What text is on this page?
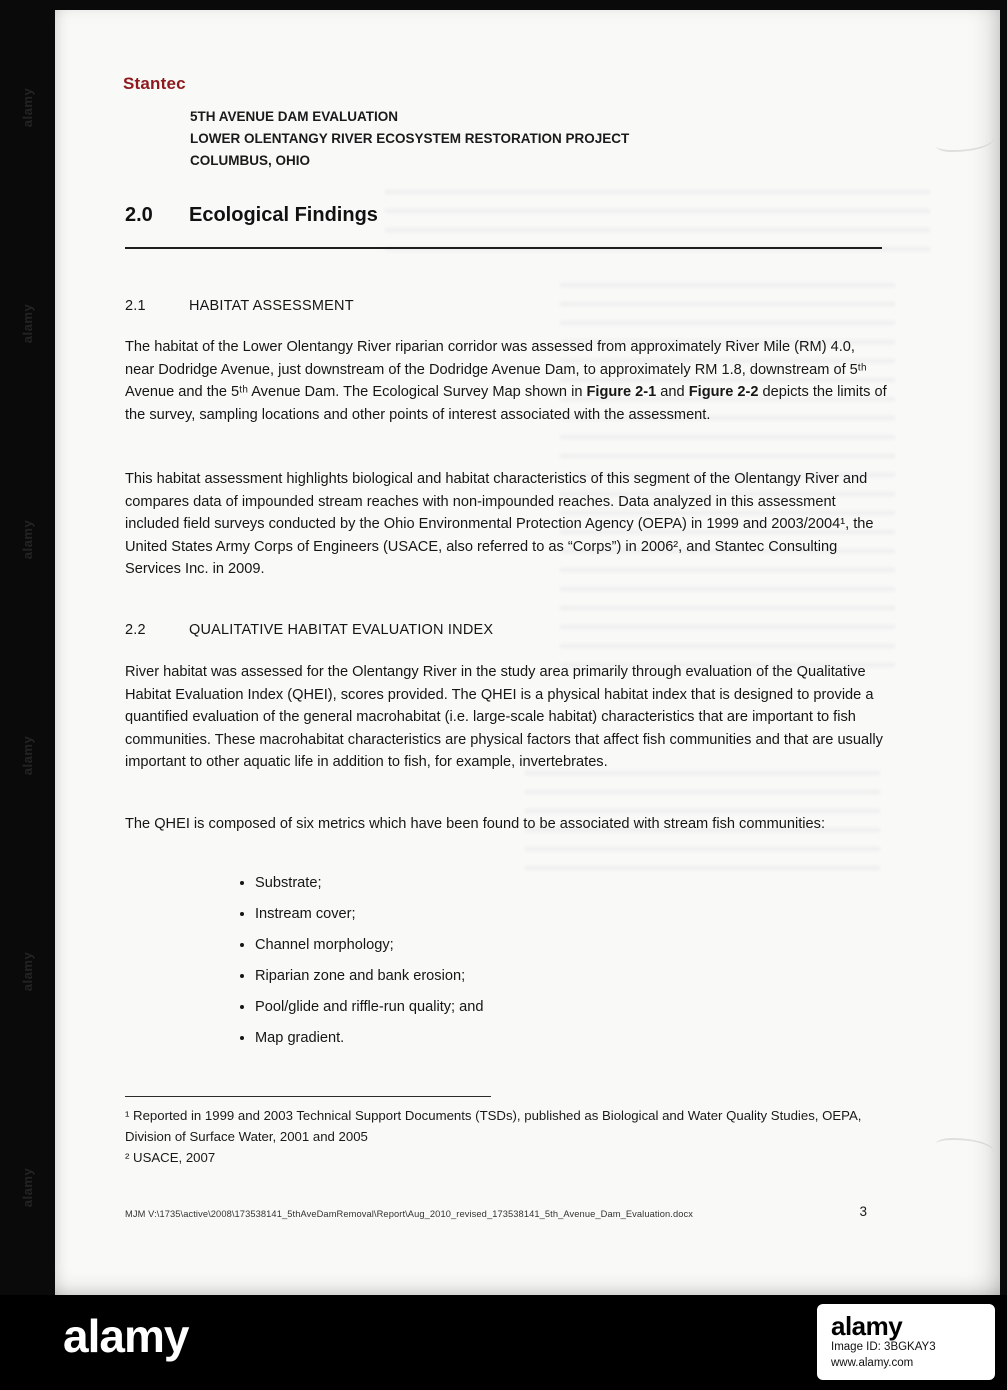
alamy
alamy
alamy
alamy
alamy
alamy
Stantec
5TH AVENUE DAM EVALUATION
LOWER OLENTANGY RIVER ECOSYSTEM RESTORATION PROJECT
COLUMBUS, OHIO
2.0 Ecological Findings
2.1	HABITAT ASSESSMENT
The habitat of the Lower Olentangy River riparian corridor was assessed from approximately River Mile (RM) 4.0, near Dodridge Avenue, just downstream of the Dodridge Avenue Dam, to approximately RM 1.8, downstream of 5ᵗʰ Avenue and the 5ᵗʰ Avenue Dam. The Ecological Survey Map shown in Figure 2-1 and Figure 2-2 depicts the limits of the survey, sampling locations and other points of interest associated with the assessment.
This habitat assessment highlights biological and habitat characteristics of this segment of the Olentangy River and compares data of impounded stream reaches with non-impounded reaches. Data analyzed in this assessment included field surveys conducted by the Ohio Environmental Protection Agency (OEPA) in 1999 and 2003/2004¹, the United States Army Corps of Engineers (USACE, also referred to as “Corps”) in 2006², and Stantec Consulting Services Inc. in 2009.
2.2	QUALITATIVE HABITAT EVALUATION INDEX
River habitat was assessed for the Olentangy River in the study area primarily through evaluation of the Qualitative Habitat Evaluation Index (QHEI), scores provided. The QHEI is a physical habitat index that is designed to provide a quantified evaluation of the general macrohabitat (i.e. large-scale habitat) characteristics that are important to fish communities. These macrohabitat characteristics are physical factors that affect fish communities and that are usually important to other aquatic life in addition to fish, for example, invertebrates.
The QHEI is composed of six metrics which have been found to be associated with stream fish communities:
• Substrate;
• Instream cover;
• Channel morphology;
• Riparian zone and bank erosion;
• Pool/glide and riffle-run quality; and
• Map gradient.
¹ Reported in 1999 and 2003 Technical Support Documents (TSDs), published as Biological and Water Quality Studies, OEPA, Division of Surface Water, 2001 and 2005
² USACE, 2007
MJM V:\1735\active\2008\173538141_5thAveDamRemoval\Report\Aug_2010_revised_173538141_5th_Avenue_Dam_Evaluation.docx	3
alamy	alamy
Image ID: 3BGKAY3
www.alamy.com
